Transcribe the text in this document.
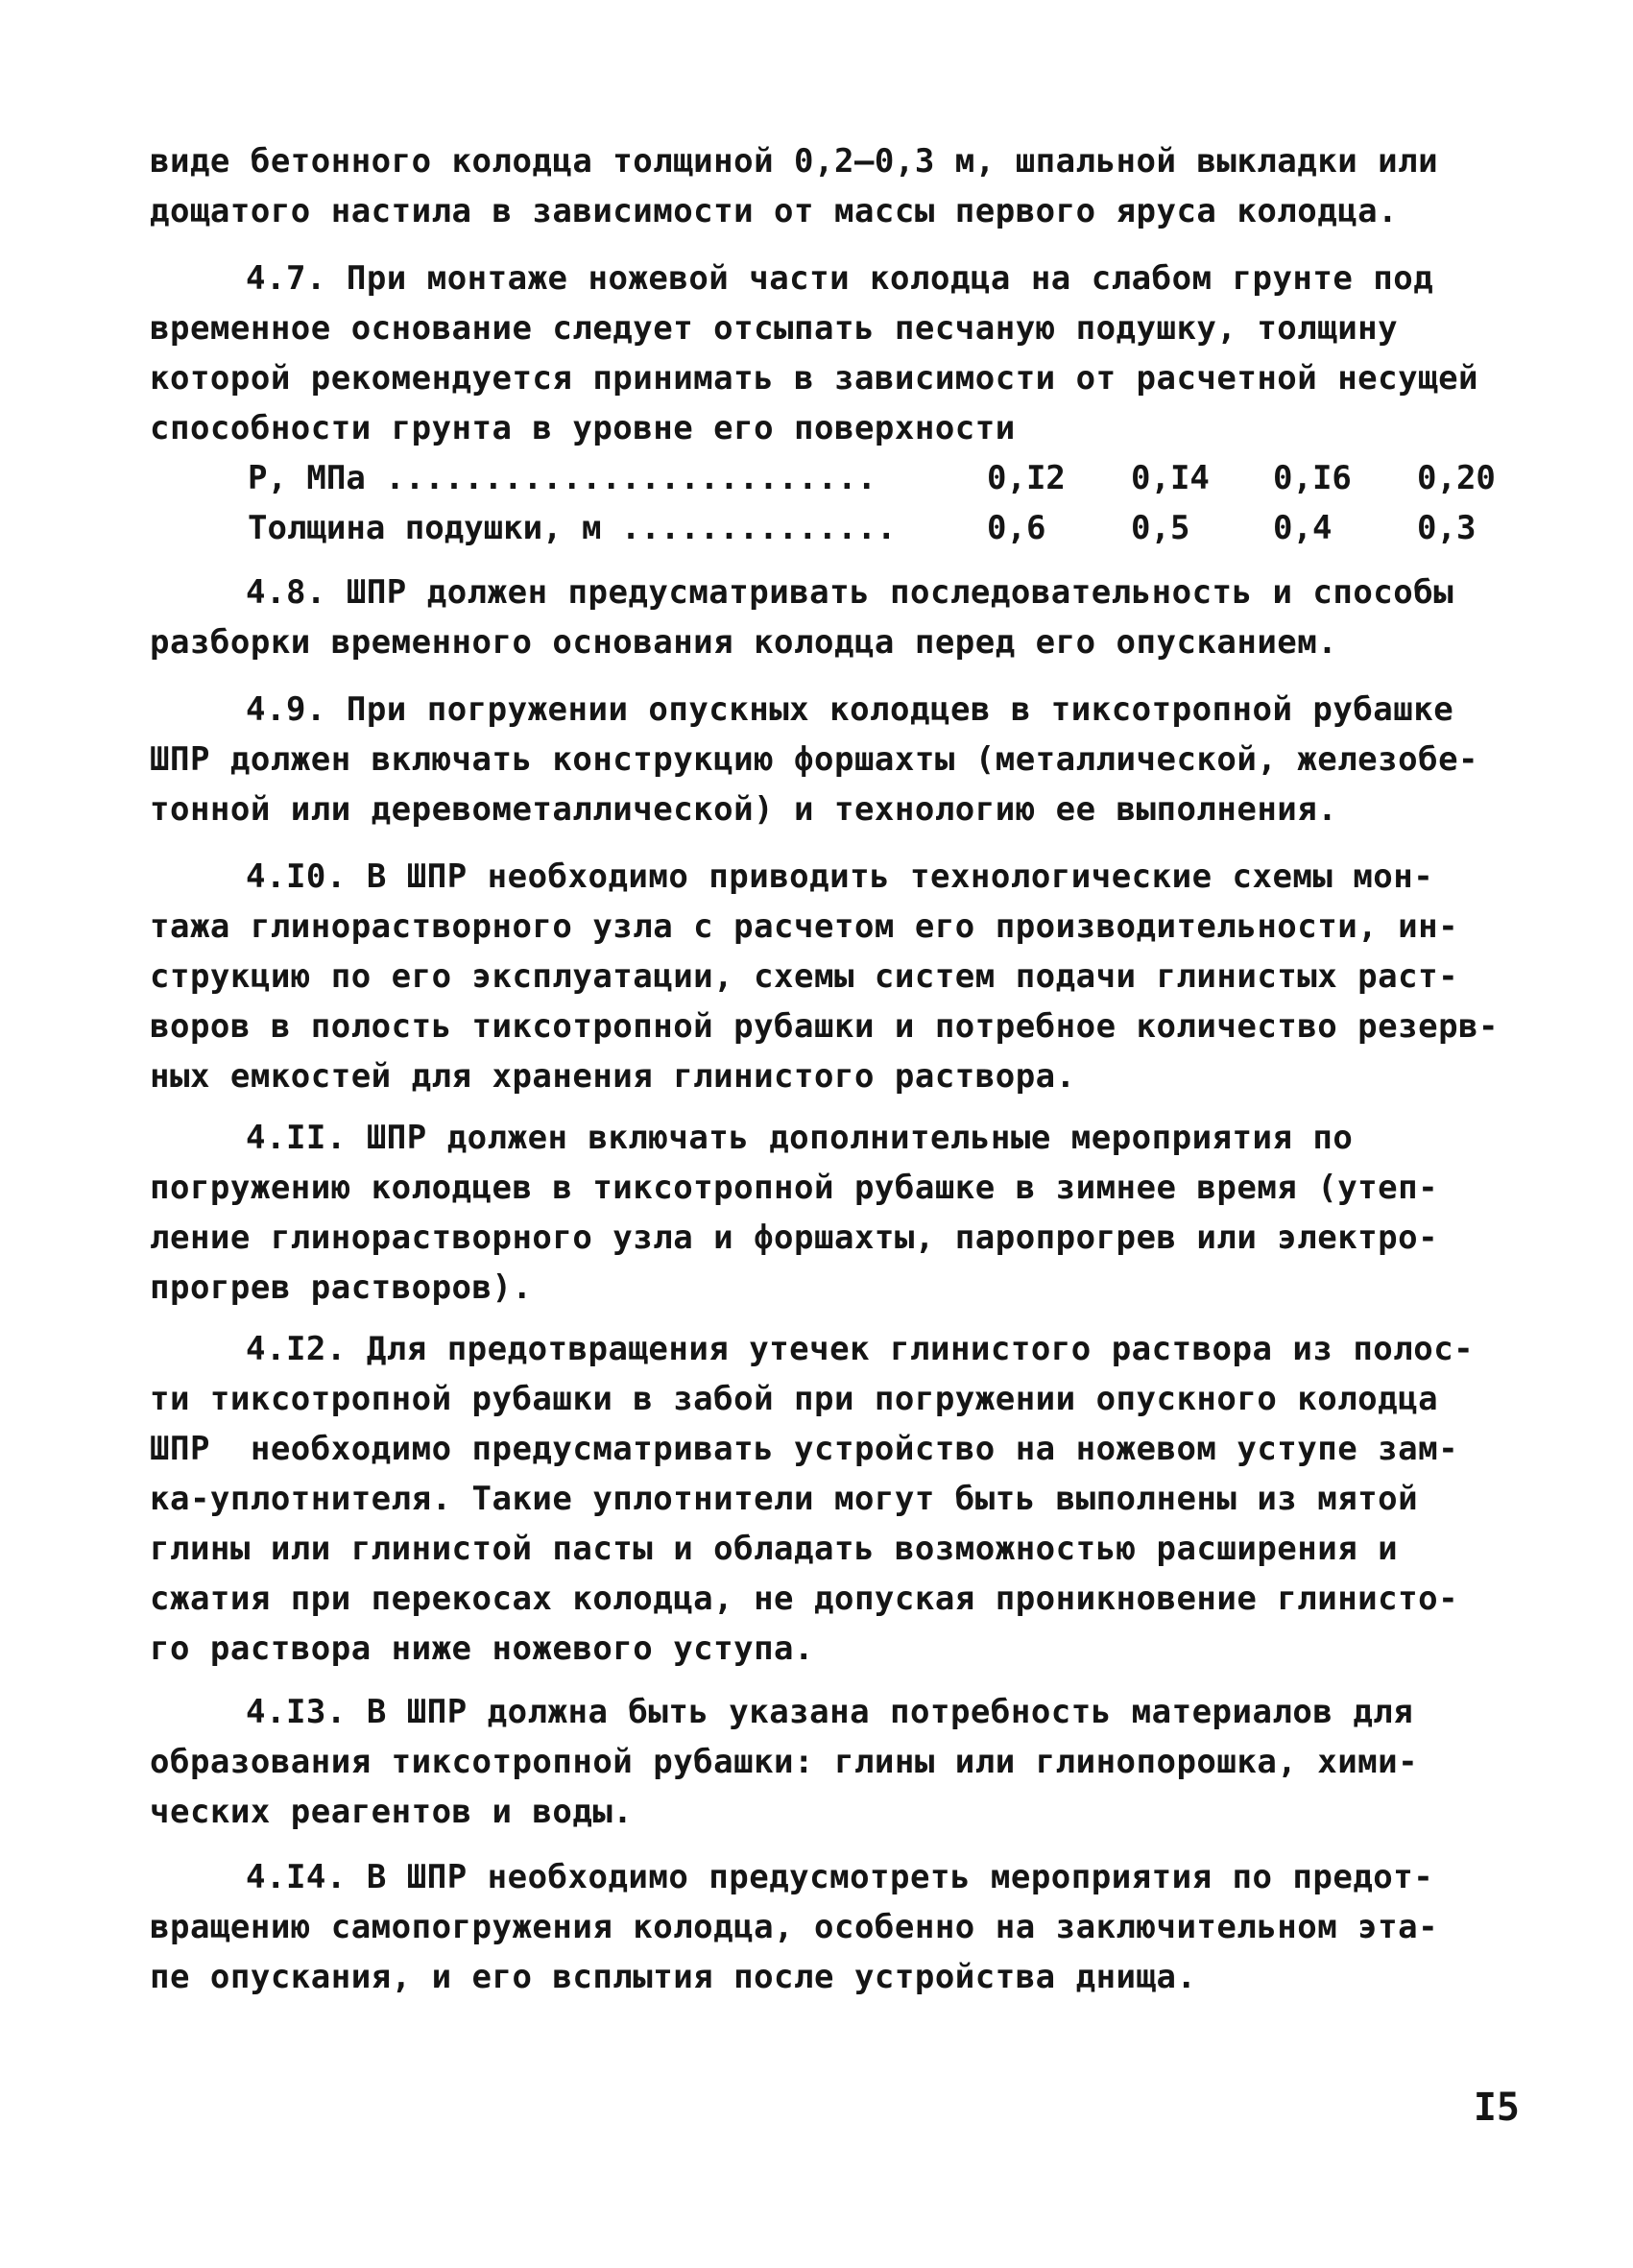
виде бетонного колодца толщиной 0,2–0,3 м, шпальной выкладки или
дощатого настила в зависимости от массы первого яруса колодца.
4.7. При монтаже ножевой части колодца на слабом грунте под
временное основание следует отсыпать песчаную подушку, толщину
которой рекомендуется принимать в зависимости от расчетной несущей
способности грунта в уровне его поверхности
Р, МПа .........................	0,I2 0,I4 0,I6 0,20
Толщина подушки, м ..............	0,6	0,5	0,4	0,3
4.8. ШПР должен предусматривать последовательность и способы
разборки временного основания колодца перед его опусканием.
4.9. При погружении опускных колодцев в тиксотропной рубашке
ШПР должен включать конструкцию форшахты (металлической, железобе-
тонной или деревометаллической) и технологию ее выполнения.
4.I0. В ШПР необходимо приводить технологические схемы мон-
тажа глинорастворного узла с расчетом его производительности, ин-
струкцию по его эксплуатации, схемы систем подачи глинистых раст-
воров в полость тиксотропной рубашки и потребное количество резерв-
ных емкостей для хранения глинистого раствора.
4.II. ШПР должен включать дополнительные мероприятия по
погружению колодцев в тиксотропной рубашке в зимнее время (утеп-
ление глинорастворного узла и форшахты, паропрогрев или электро-
прогрев растворов).
4.I2. Для предотвращения утечек глинистого раствора из полос-
ти тиксотропной рубашки в забой при погружении опускного колодца
ШПР  необходимо предусматривать устройство на ножевом уступе зам-
ка-уплотнителя. Такие уплотнители могут быть выполнены из мятой
глины или глинистой пасты и обладать возможностью расширения и
сжатия при перекосах колодца, не допуская проникновение глинисто-
го раствора ниже ножевого уступа.
4.I3. В ШПР должна быть указана потребность материалов для
образования тиксотропной рубашки: глины или глинопорошка, хими-
ческих реагентов и воды.
4.I4. В ШПР необходимо предусмотреть мероприятия по предот-
вращению самопогружения колодца, особенно на заключительном эта-
пе опускания, и его всплытия после устройства днища.
I5
